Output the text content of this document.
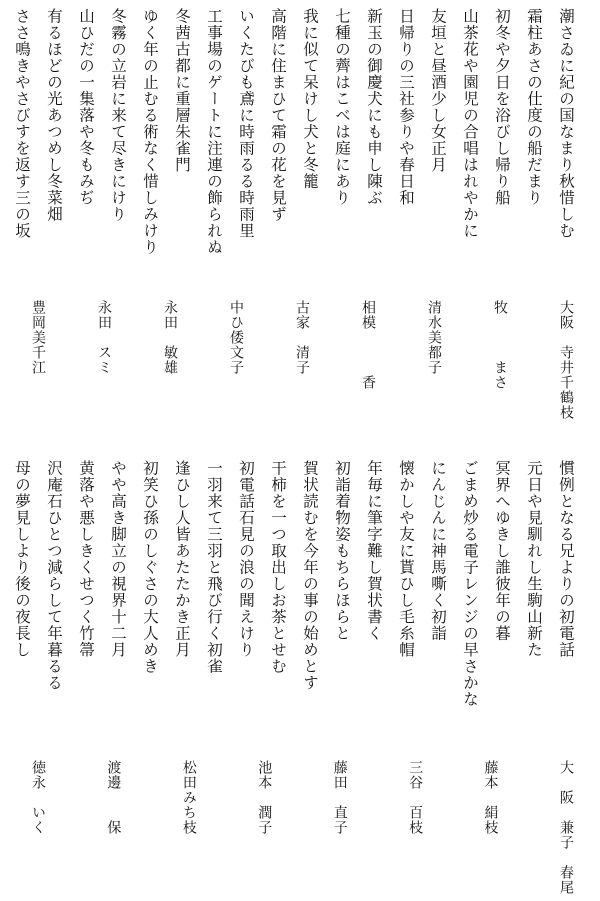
潮さゐに紀の国なまり秋惜しむ
霜柱あさの仕度の船だまり
初冬や夕日を浴びし帰り船
山茶花や園児の合唱はれやかに
友垣と昼酒少し女正月
日帰りの三社参りや春日和
新玉の御慶犬にも申し陳ぶ
七種の薺はこべは庭にあり
我に似て呆けし犬と冬籠
高階に住まひて霜の花を見ず
いくたびも鳶に時雨るる時雨里
工事場のゲートに注連の飾られぬ
冬茜古都に重層朱雀門
ゆく年の止むる術なく惜しみけり
冬霧の立岩に来て尽きにけり
山ひだの一集落や冬もみぢ
有るほどの光あつめし冬菜畑
ささ鳴きやさびすを返す三の坂
大阪　寺井千鶴枝
牧　　　まさ
清水美都子
相模　　　香
古家　清子
中ひ倭文子
永田　敏雄
永田　スミ
豊岡美千江
慣例となる兄よりの初電話
元日や見馴れし生駒山新た
冥界へゆきし誰彼年の暮
ごまめ炒る電子レンジの早さかな
にんじんに神馬嘶く初詣
懐かしや友に貰ひし毛糸帽
年毎に筆字難し賀状書く
初詣着物姿もちらほらと
賀状読むを今年の事の始めとす
干柿を一つ取出しお茶とせむ
初電話石見の浪の聞えけり
一羽来て三羽と飛び行く初雀
逢ひし人皆あたたかき正月
初笑ひ孫のしぐさの大人めき
やや高き脚立の視界十二月
黄落や悪しきくせつく竹箒
沢庵石ひとつ減らして年暮るる
母の夢見しより後の夜長し
大　阪　兼子　春尾
藤本　絹枝
三谷　百枝
藤田　直子
池本　潤子
松田みち枝
渡邊　　保
徳永　いく
